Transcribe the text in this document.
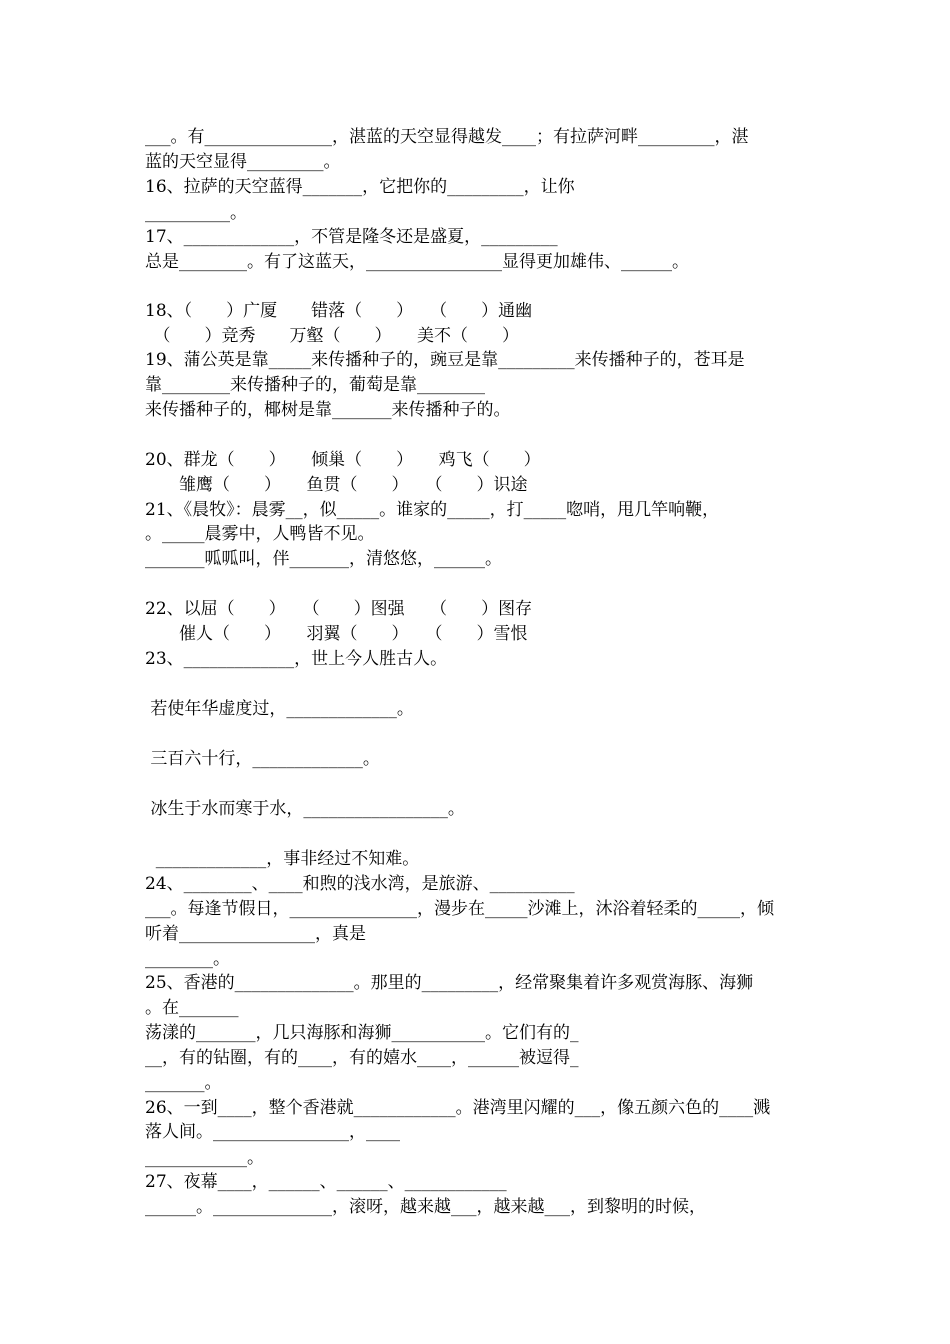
___。有_______________，湛蓝的天空显得越发____；有拉萨河畔_________，湛

蓝的天空显得_________。

16、拉萨的天空蓝得_______，它把你的_________，让你

__________。

17、_____________，不管是隆冬还是盛夏，_________

总是________。有了这蓝天，________________显得更加雄伟、______。

18、（　　）广厦　　错落（　　）　　（　　）通幽

　（　　）竞秀　　万壑（　　）　　美不（　　）

19、蒲公英是靠_____来传播种子的，豌豆是靠_________来传播种子的，苍耳是

靠________来传播种子的，葡萄是靠________

来传播种子的，椰树是靠_______来传播种子的。

20、群龙（　　）　　倾巢（　　）　　鸡飞（　　）

　　雏鹰（　　）　　鱼贯（　　）　　（　　）识途

21、《晨牧》：晨雾__，似_____。谁家的_____，打_____唿哨，甩几竿响鞭，

。_____晨雾中，人鸭皆不见。

_______呱呱叫，伴_______，清悠悠，______。

22、以屈（　　）　　（　　）图强　　（　　）图存

　　催人（　　）　　羽翼（　　）　　（　　）雪恨

23、_____________，世上今人胜古人。

若使年华虚度过，_____________。

三百六十行，_____________。

冰生于水而寒于水，_________________。

_____________，事非经过不知难。

24、________、____和煦的浅水湾，是旅游、__________

___。每逢节假日，_______________，漫步在_____沙滩上，沐浴着轻柔的_____，倾

听着________________，真是

________。

25、香港的______________。那里的_________，经常聚集着许多观赏海豚、海狮

。在_______

荡漾的_______，几只海豚和海狮___________。它们有的_

__，有的钻圈，有的____，有的嬉水____，______被逗得_

_______。

26、一到____，整个香港就____________。港湾里闪耀的___，像五颜六色的____溅

落人间。________________，____

____________。

27、夜幕____，______、______、____________

______。______________，滚呀，越来越___，越来越___，到黎明的时候，
